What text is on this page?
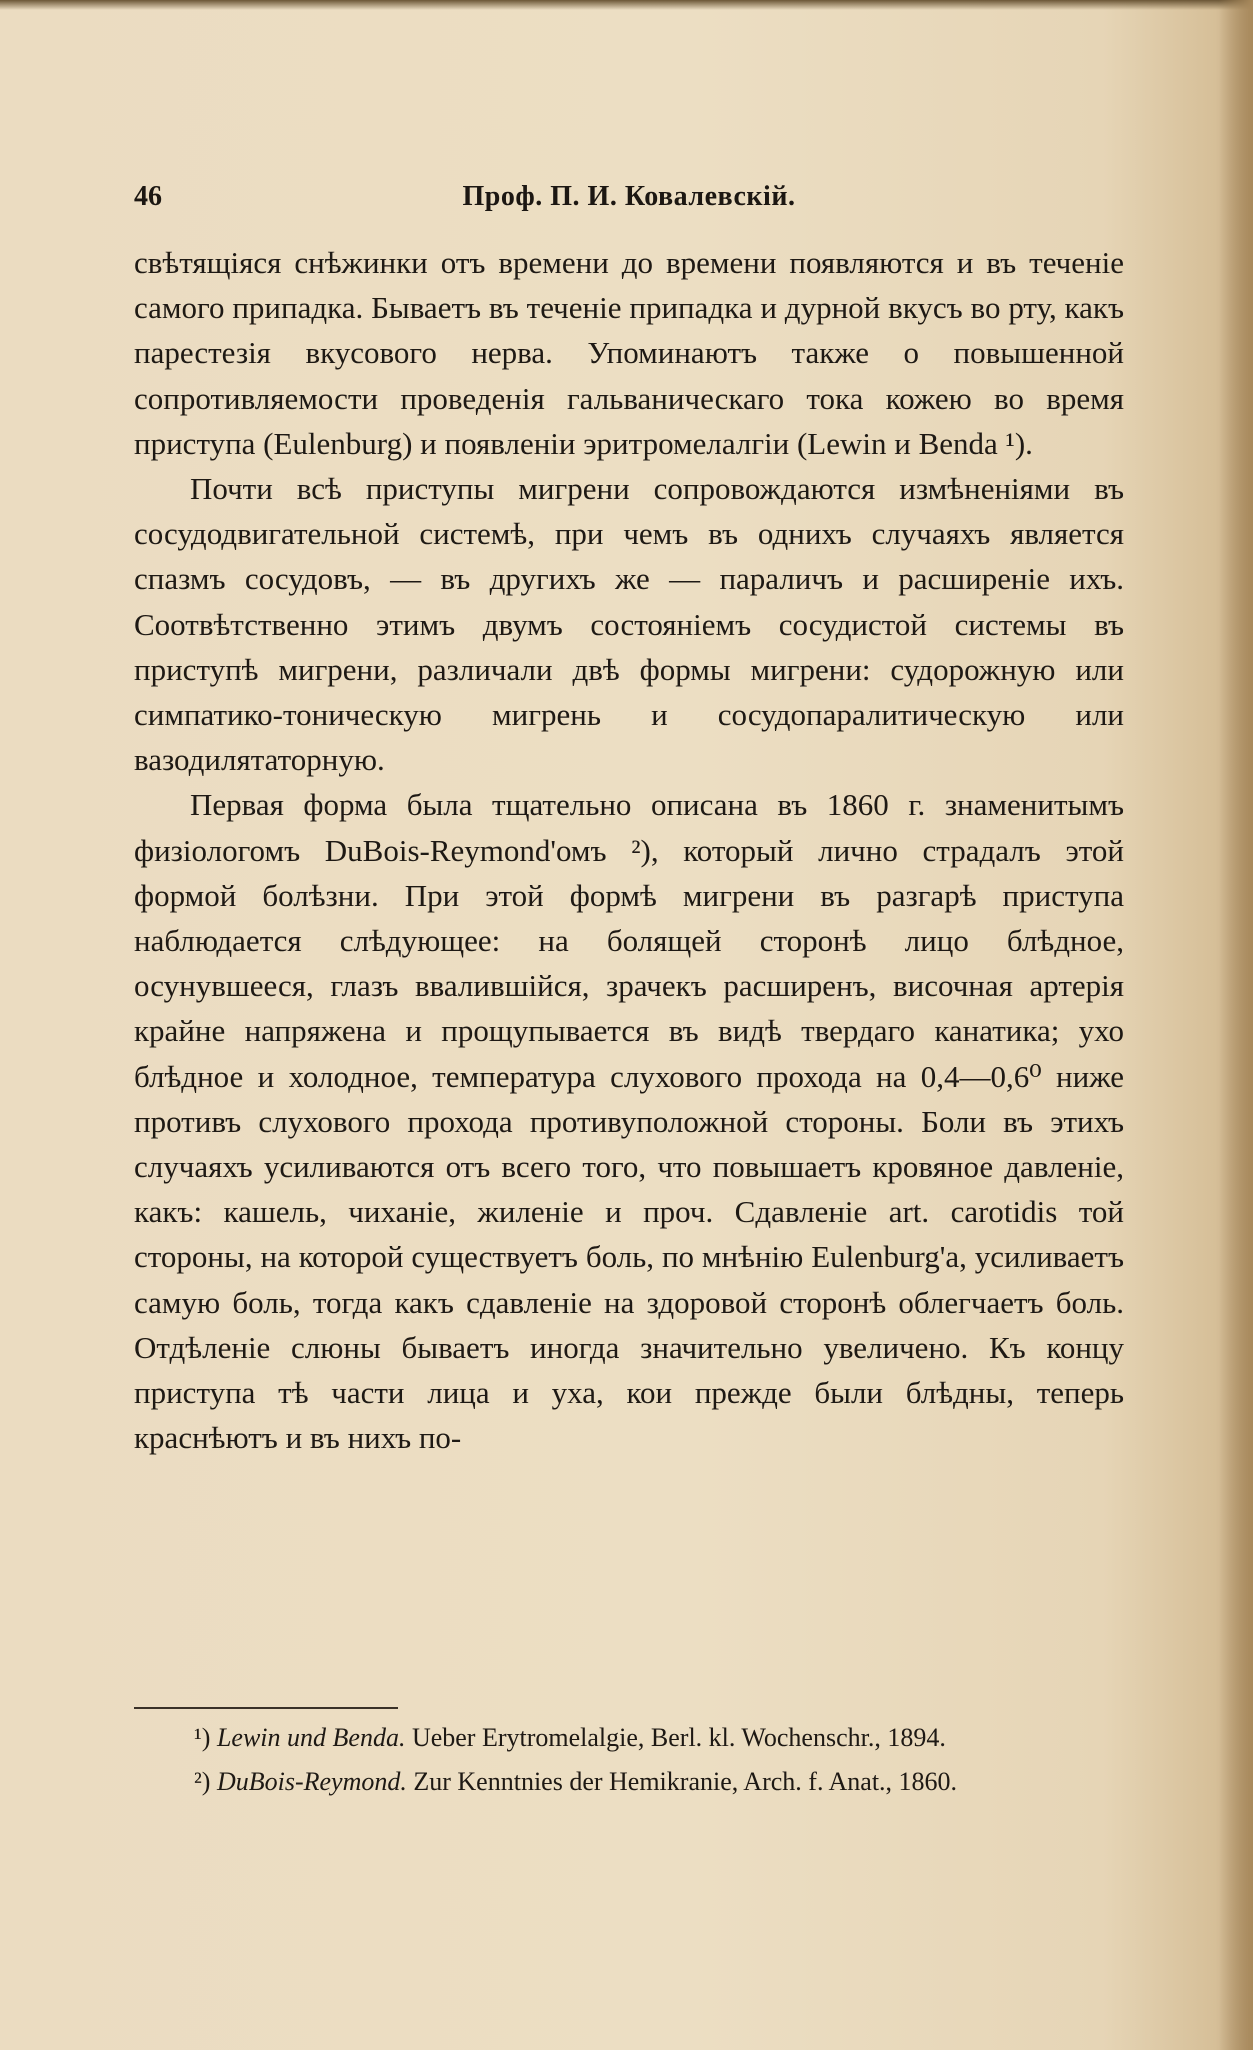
46	Проф. П. И. Ковалевскій.

свѣтящіяся снѣжинки отъ времени до времени появляются и въ теченіе самого припадка. Бываетъ въ теченіе припадка и дурной вкусъ во рту, какъ парестезія вкусового нерва. Упоминаютъ также о повышенной сопротивляемости проведенія гальваническаго тока кожею во время приступа (Eulenburg) и появленіи эритромелалгіи (Lewin и Benda ¹).

Почти всѣ приступы мигрени сопровождаются измѣненіями въ сосудодвигательной системѣ, при чемъ въ однихъ случаяхъ является спазмъ сосудовъ, — въ другихъ же — параличъ и расширеніе ихъ. Соотвѣтственно этимъ двумъ состояніемъ сосудистой системы въ приступѣ мигрени, различали двѣ формы мигрени: судорожную или симпатико-тоническую мигрень и сосудопаралитическую или вазодилятаторную.

Первая форма была тщательно описана въ 1860 г. знаменитымъ физіологомъ DuBois-Reymond'омъ ²), который лично страдалъ этой формой болѣзни. При этой формѣ мигрени въ разгарѣ приступа наблюдается слѣдующее: на болящей сторонѣ лицо блѣдное, осунувшееся, глазъ ввалившійся, зрачекъ расширенъ, височная артерія крайне напряжена и прощупывается въ видѣ твердаго канатика; ухо блѣдное и холодное, температура слухового прохода на 0,4—0,6⁰ ниже противъ слухового прохода противуположной стороны. Боли въ этихъ случаяхъ усиливаются отъ всего того, что повышаетъ кровяное давленіе, какъ: кашель, чиханіе, жиленіе и проч. Сдавленіе art. carotidis той стороны, на которой существуетъ боль, по мнѣнію Eulenburg'а, усиливаетъ самую боль, тогда какъ сдавленіе на здоровой сторонѣ облегчаетъ боль. Отдѣленіе слюны бываетъ иногда значительно увеличено. Къ концу приступа тѣ части лица и уха, кои прежде были блѣдны, теперь краснѣютъ и въ нихъ по-

¹) Lewin und Benda. Ueber Erytromelalgie, Berl. kl. Wochenschr., 1894.

²) DuBois-Reymond. Zur Kenntnies der Hemikranie, Arch. f. Anat., 1860.
